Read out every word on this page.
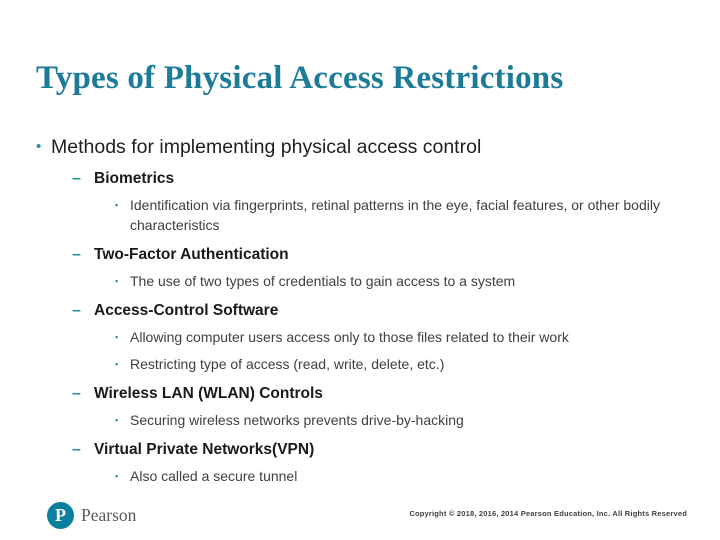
Types of Physical Access Restrictions
• Methods for implementing physical access control
– Biometrics
▪ Identification via fingerprints, retinal patterns in the eye, facial features, or other bodily characteristics
– Two-Factor Authentication
▪ The use of two types of credentials to gain access to a system
– Access-Control Software
▪ Allowing computer users access only to those files related to their work
▪ Restricting type of access (read, write, delete, etc.)
– Wireless LAN (WLAN) Controls
▪ Securing wireless networks prevents drive-by-hacking
– Virtual Private Networks(VPN)
▪ Also called a secure tunnel
P Pearson	Copyright © 2018, 2016, 2014 Pearson Education, Inc. All Rights Reserved
